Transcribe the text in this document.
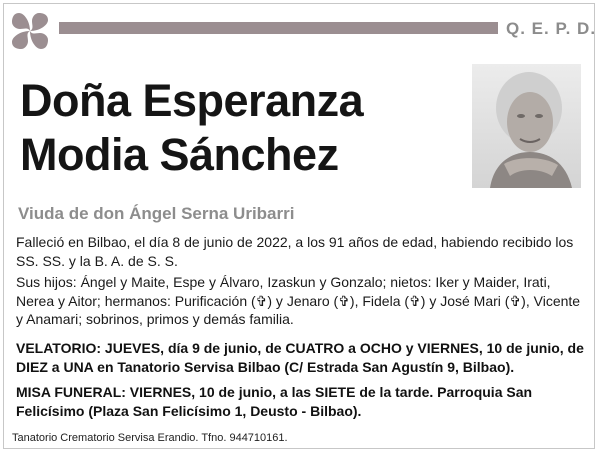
Q. E. P. D.
Doña Esperanza
Modia Sánchez
Viuda de don Ángel Serna Uribarri
Falleció en Bilbao, el día 8 de junio de 2022, a los 91 años de edad, habiendo recibido los SS. SS. y la B. A. de S. S.
Sus hijos: Ángel y Maite, Espe y Álvaro, Izaskun y Gonzalo; nietos: Iker y Maider, Irati, Nerea y Aitor; hermanos: Purificación (✞) y Jenaro (✞), Fidela (✞) y José Mari (✞), Vicente y Anamari; sobrinos, primos y demás familia.
VELATORIO: JUEVES, día 9 de junio, de CUATRO a OCHO y VIERNES, 10 de junio, de DIEZ a UNA en Tanatorio Servisa Bilbao (C/ Estrada San Agustín 9, Bilbao).
MISA FUNERAL: VIERNES, 10 de junio, a las SIETE de la tarde. Parroquia San Felicísimo (Plaza San Felicísimo 1, Deusto - Bilbao).
Tanatorio Crematorio Servisa Erandio. Tfno. 944710161.
